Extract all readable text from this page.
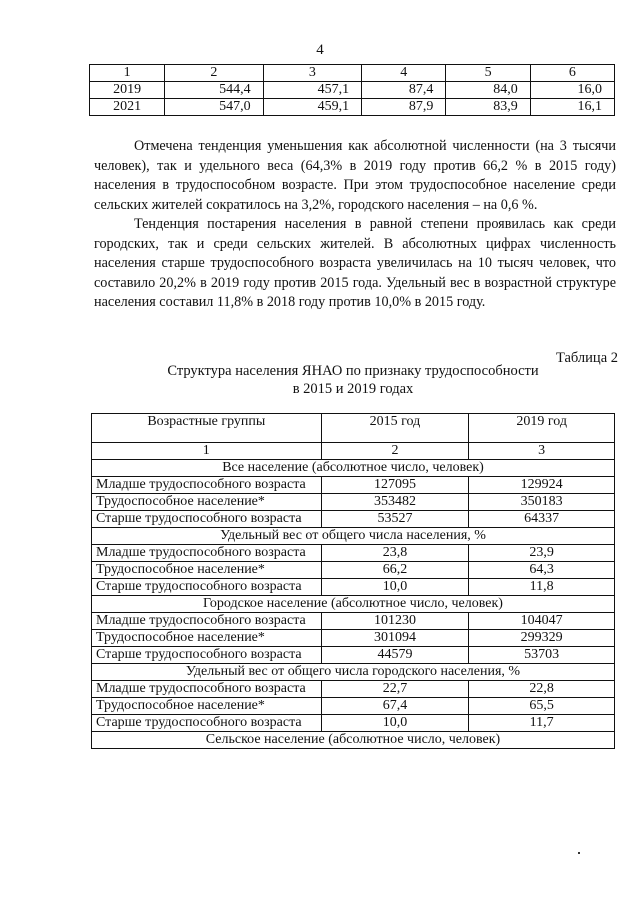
4
1	2	3	4	5	6
2019	544,4	457,1	87,4	84,0	16,0
2021	547,0	459,1	87,9	83,9	16,1

Отмечена тенденция уменьшения как абсолютной численности (на 3 тысячи человек), так и удельного веса (64,3% в 2019 году против 66,2 % в 2015 году) населения в трудоспособном возрасте. При этом трудоспособное население среди сельских жителей сократилось на 3,2%, городского населения – на 0,6 %.

Тенденция постарения населения в равной степени проявилась как среди городских, так и среди сельских жителей. В абсолютных цифрах численность населения старше трудоспособного возраста увеличилась на 10 тысяч человек, что составило 20,2% в 2019 году против 2015 года. Удельный вес в возрастной структуре населения составил 11,8% в 2018 году против 10,0% в 2015 году.

Таблица 2
Структура населения ЯНАО по признаку трудоспособности
в 2015 и 2019 годах
Возрастные группы	2015 год	2019 год
1	2	3
Все население (абсолютное число, человек)		
Младше трудоспособного возраста	127095	129924
Трудоспособное население*	353482	350183
Старше трудоспособного возраста	53527	64337
Удельный вес от общего числа населения, %		
Младше трудоспособного возраста	23,8	23,9
Трудоспособное население*	66,2	64,3
Старше трудоспособного возраста	10,0	11,8
Городское население (абсолютное число, человек)		
Младше трудоспособного возраста	101230	104047
Трудоспособное население*	301094	299329
Старше трудоспособного возраста	44579	53703
Удельный вес от общего числа городского населения, %		
Младше трудоспособного возраста	22,7	22,8
Трудоспособное население*	67,4	65,5
Старше трудоспособного возраста	10,0	11,7
Сельское население (абсолютное число, человек)		
